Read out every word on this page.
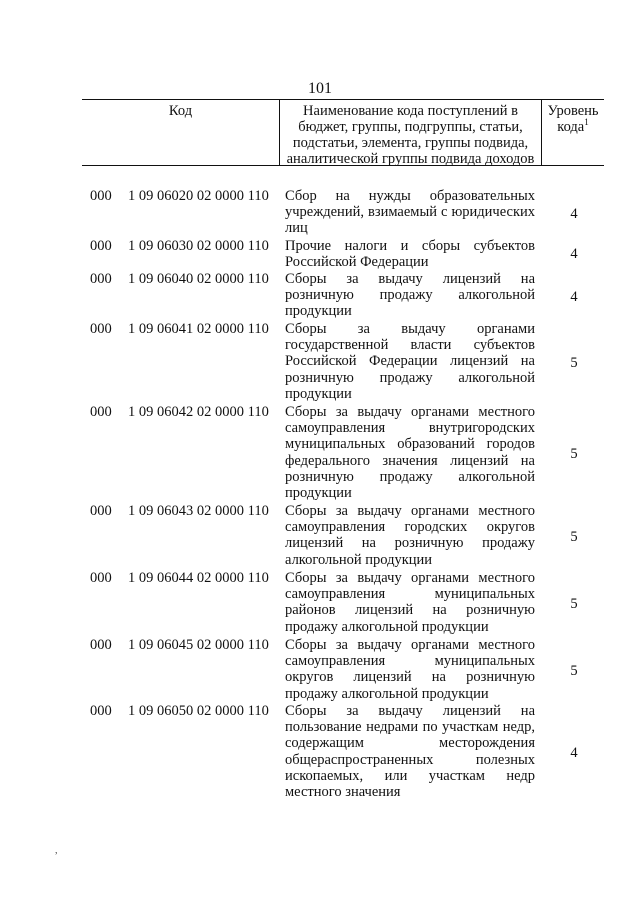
101
Код	Наименование кода поступлений в
бюджет, группы, подгруппы, статьи,
подстатьи, элемента, группы подвида,
аналитической группы подвида доходов
Уровень
кода$^1$
000	1 09 06020 02 0000 110	Сбор на нужды образовательных
учреждений, взимаемый с юридических
лиц
4
000	1 09 06030 02 0000 110	Прочие налоги и сборы субъектов
Российской Федерации
4
000	1 09 06040 02 0000 110	Сборы за выдачу лицензий на
розничную продажу алкогольной
продукции
4
000	1 09 06041 02 0000 110	Сборы за выдачу органами
государственной власти субъектов
Российской Федерации лицензий на
розничную продажу алкогольной
продукции
5
000	1 09 06042 02 0000 110	Сборы за выдачу органами местного
самоуправления внутригородских
муниципальных образований городов
федерального значения лицензий на
розничную продажу алкогольной
продукции
5
000	1 09 06043 02 0000 110	Сборы за выдачу органами местного
самоуправления городских округов
лицензий на розничную продажу
алкогольной продукции
5
000	1 09 06044 02 0000 110	Сборы за выдачу органами местного
самоуправления муниципальных
районов лицензий на розничную
продажу алкогольной продукции
5
000	1 09 06045 02 0000 110	Сборы за выдачу органами местного
самоуправления муниципальных
округов лицензий на розничную
продажу алкогольной продукции
5
000	1 09 06050 02 0000 110	Сборы за выдачу лицензий на
пользование недрами по участкам недр,
содержащим месторождения
общераспространенных полезных
ископаемых, или участкам недр
местного значения
4
,
